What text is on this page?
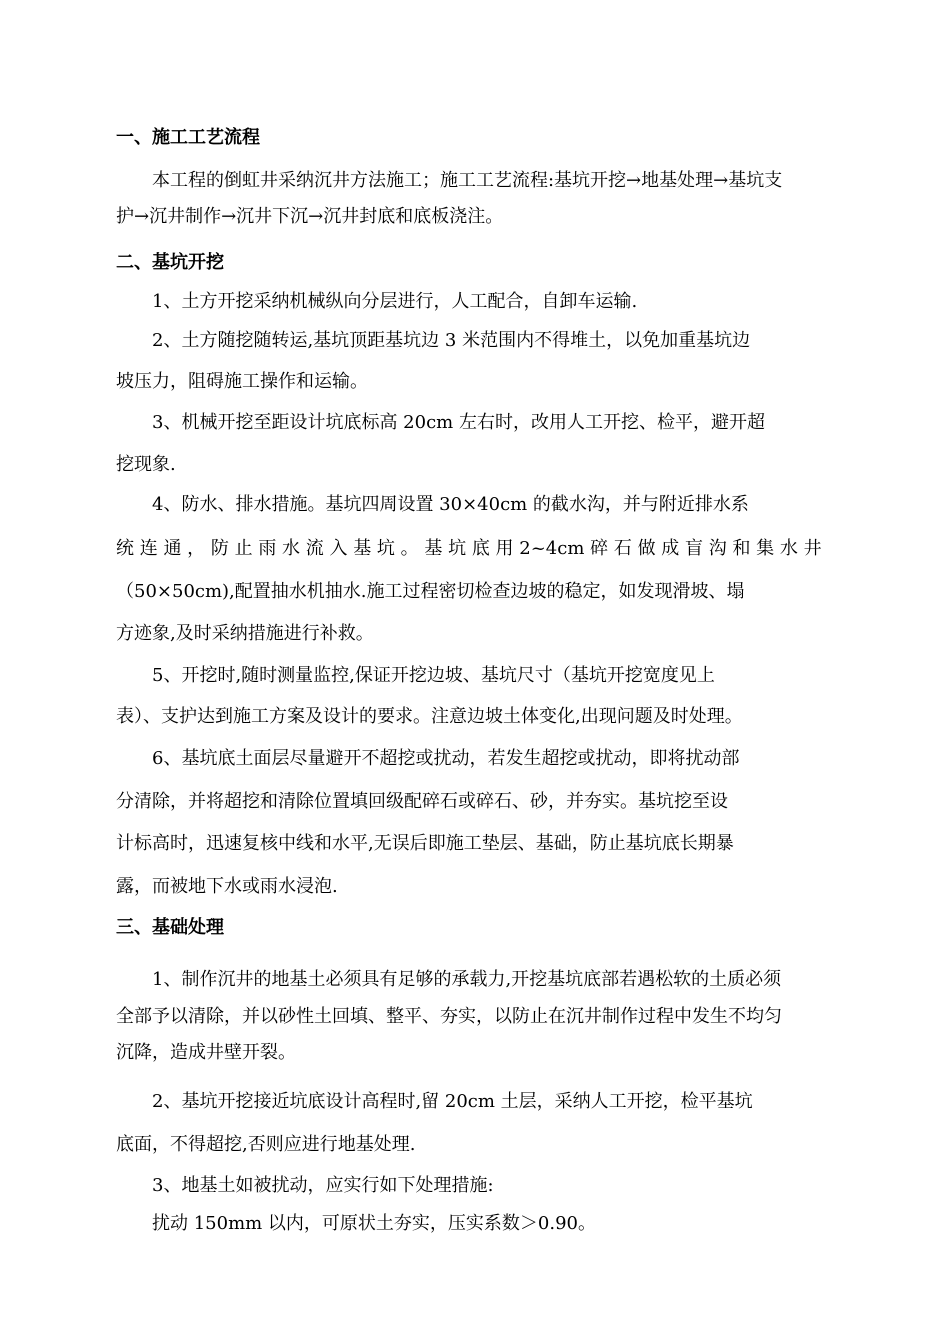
一、施工工艺流程
本工程的倒虹井采纳沉井方法施工；施工工艺流程:基坑开挖→地基处理→基坑支
护→沉井制作→沉井下沉→沉井封底和底板浇注。
二、基坑开挖
1、土方开挖采纳机械纵向分层进行，人工配合，自卸车运输.
2、土方随挖随转运,基坑顶距基坑边 3 米范围内不得堆土，以免加重基坑边
坡压力，阻碍施工操作和运输。
3、机械开挖至距设计坑底标高 20cm 左右时，改用人工开挖、检平，避开超
挖现象.
4、防水、排水措施。基坑四周设置 30×40cm 的截水沟，并与附近排水系
统 连 通 ， 防 止 雨 水 流 入 基 坑 。 基 坑 底 用 2~4cm 碎 石 做 成 盲 沟 和 集 水 井
（50×50cm),配置抽水机抽水.施工过程密切检查边坡的稳定，如发现滑坡、塌
方迹象,及时采纳措施进行补救。
5、开挖时,随时测量监控,保证开挖边坡、基坑尺寸（基坑开挖宽度见上
表）、支护达到施工方案及设计的要求。注意边坡土体变化,出现问题及时处理。
6、基坑底土面层尽量避开不超挖或扰动，若发生超挖或扰动，即将扰动部
分清除，并将超挖和清除位置填回级配碎石或碎石、砂，并夯实。基坑挖至设
计标高时，迅速复核中线和水平,无误后即施工垫层、基础，防止基坑底长期暴
露，而被地下水或雨水浸泡.
三、基础处理
1、制作沉井的地基土必须具有足够的承载力,开挖基坑底部若遇松软的土质必须
全部予以清除，并以砂性土回填、整平、夯实，以防止在沉井制作过程中发生不均匀
沉降，造成井壁开裂。
2、基坑开挖接近坑底设计高程时,留 20cm 土层，采纳人工开挖，检平基坑
底面，不得超挖,否则应进行地基处理.
3、地基土如被扰动，应实行如下处理措施:
扰动 150mm 以内，可原状土夯实，压实系数＞0.90。
